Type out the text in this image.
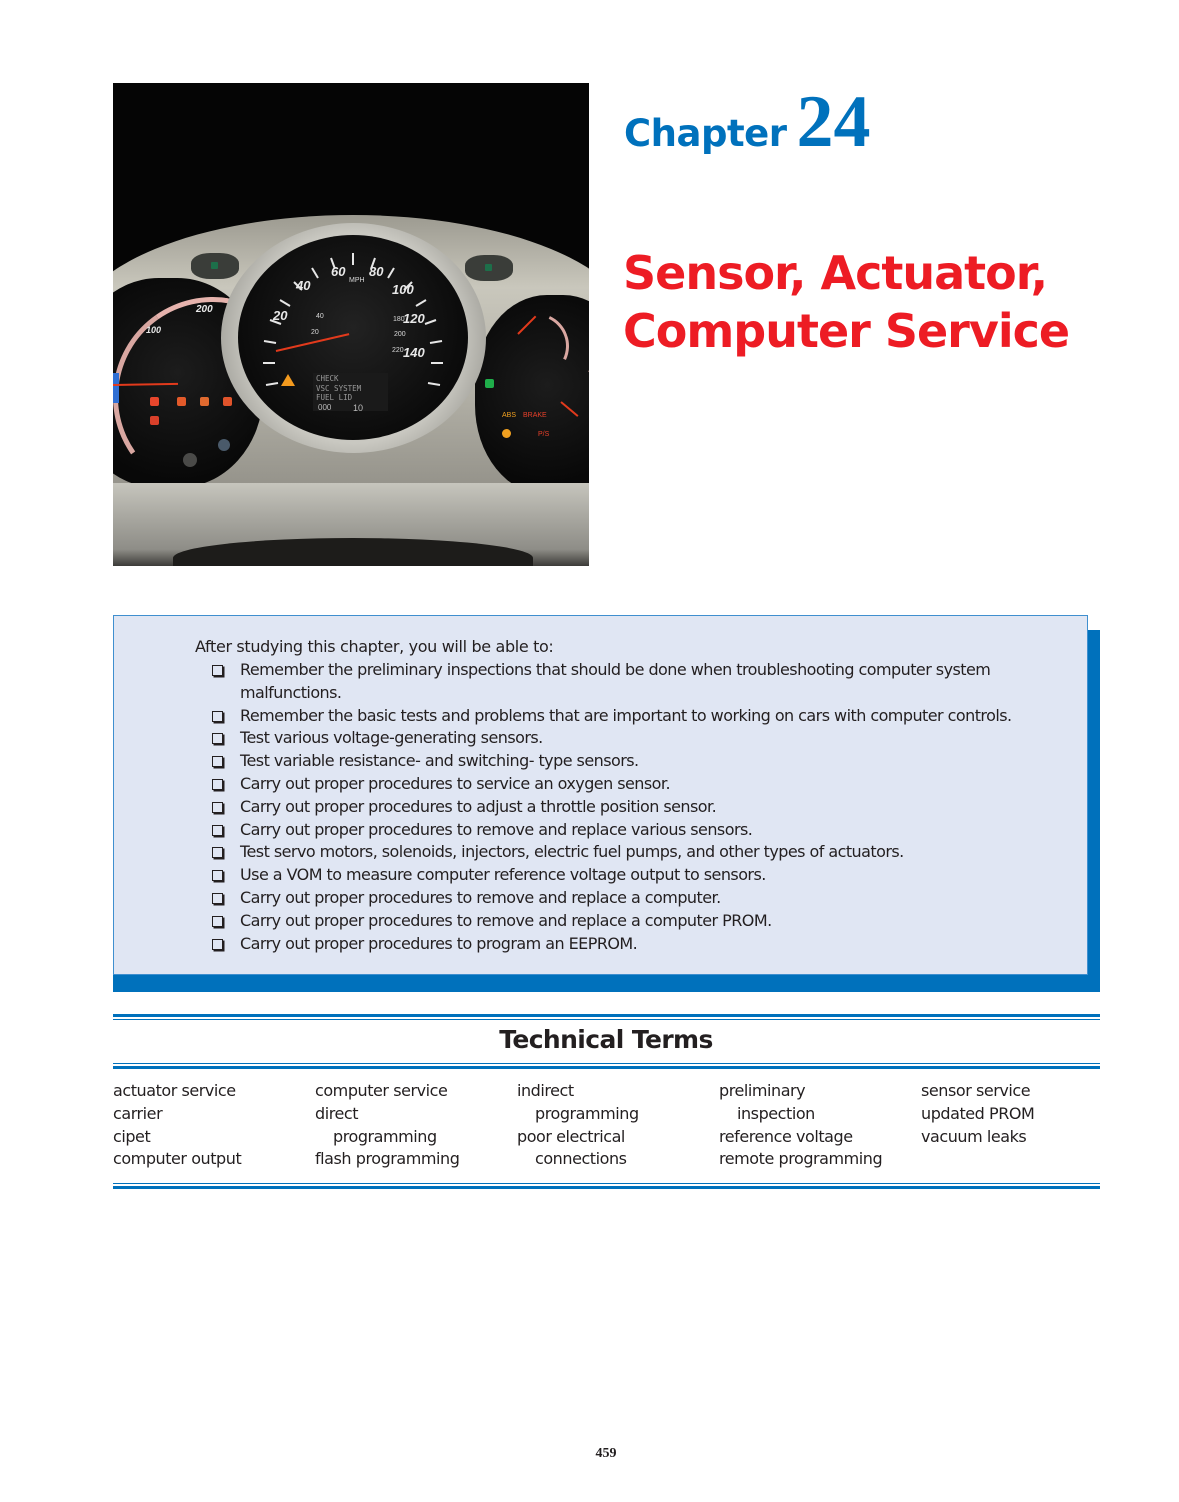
100
200	20
40
60
MPH
80
100
120
140
20
40	180
200
220
CHECK
VSC SYSTEM
FUEL LID
000 10
ABS BRAKE
P/S
Chapter 24
Sensor, Actuator,
Computer Service
After studying this chapter, you will be able to:
Remember the preliminary inspections that should be done when troubleshooting computer system malfunctions.
Remember the basic tests and problems that are important to working on cars with computer controls.
Test various voltage-generating sensors.
Test variable resistance- and switching- type sensors.
Carry out proper procedures to service an oxygen sensor.
Carry out proper procedures to adjust a throttle position sensor.
Carry out proper procedures to remove and replace various sensors.
Test servo motors, solenoids, injectors, electric fuel pumps, and other types of actuators.
Use a VOM to measure computer reference voltage output to sensors.
Carry out proper procedures to remove and replace a computer.
Carry out proper procedures to remove and replace a computer PROM.
Carry out proper procedures to program an EEPROM.
Technical Terms
actuator service
carrier
cipet
computer output
computer service
direct
programming
flash programming
indirect
programming
poor electrical
connections
preliminary
inspection
reference voltage
remote programming
sensor service
updated PROM
vacuum leaks
459
